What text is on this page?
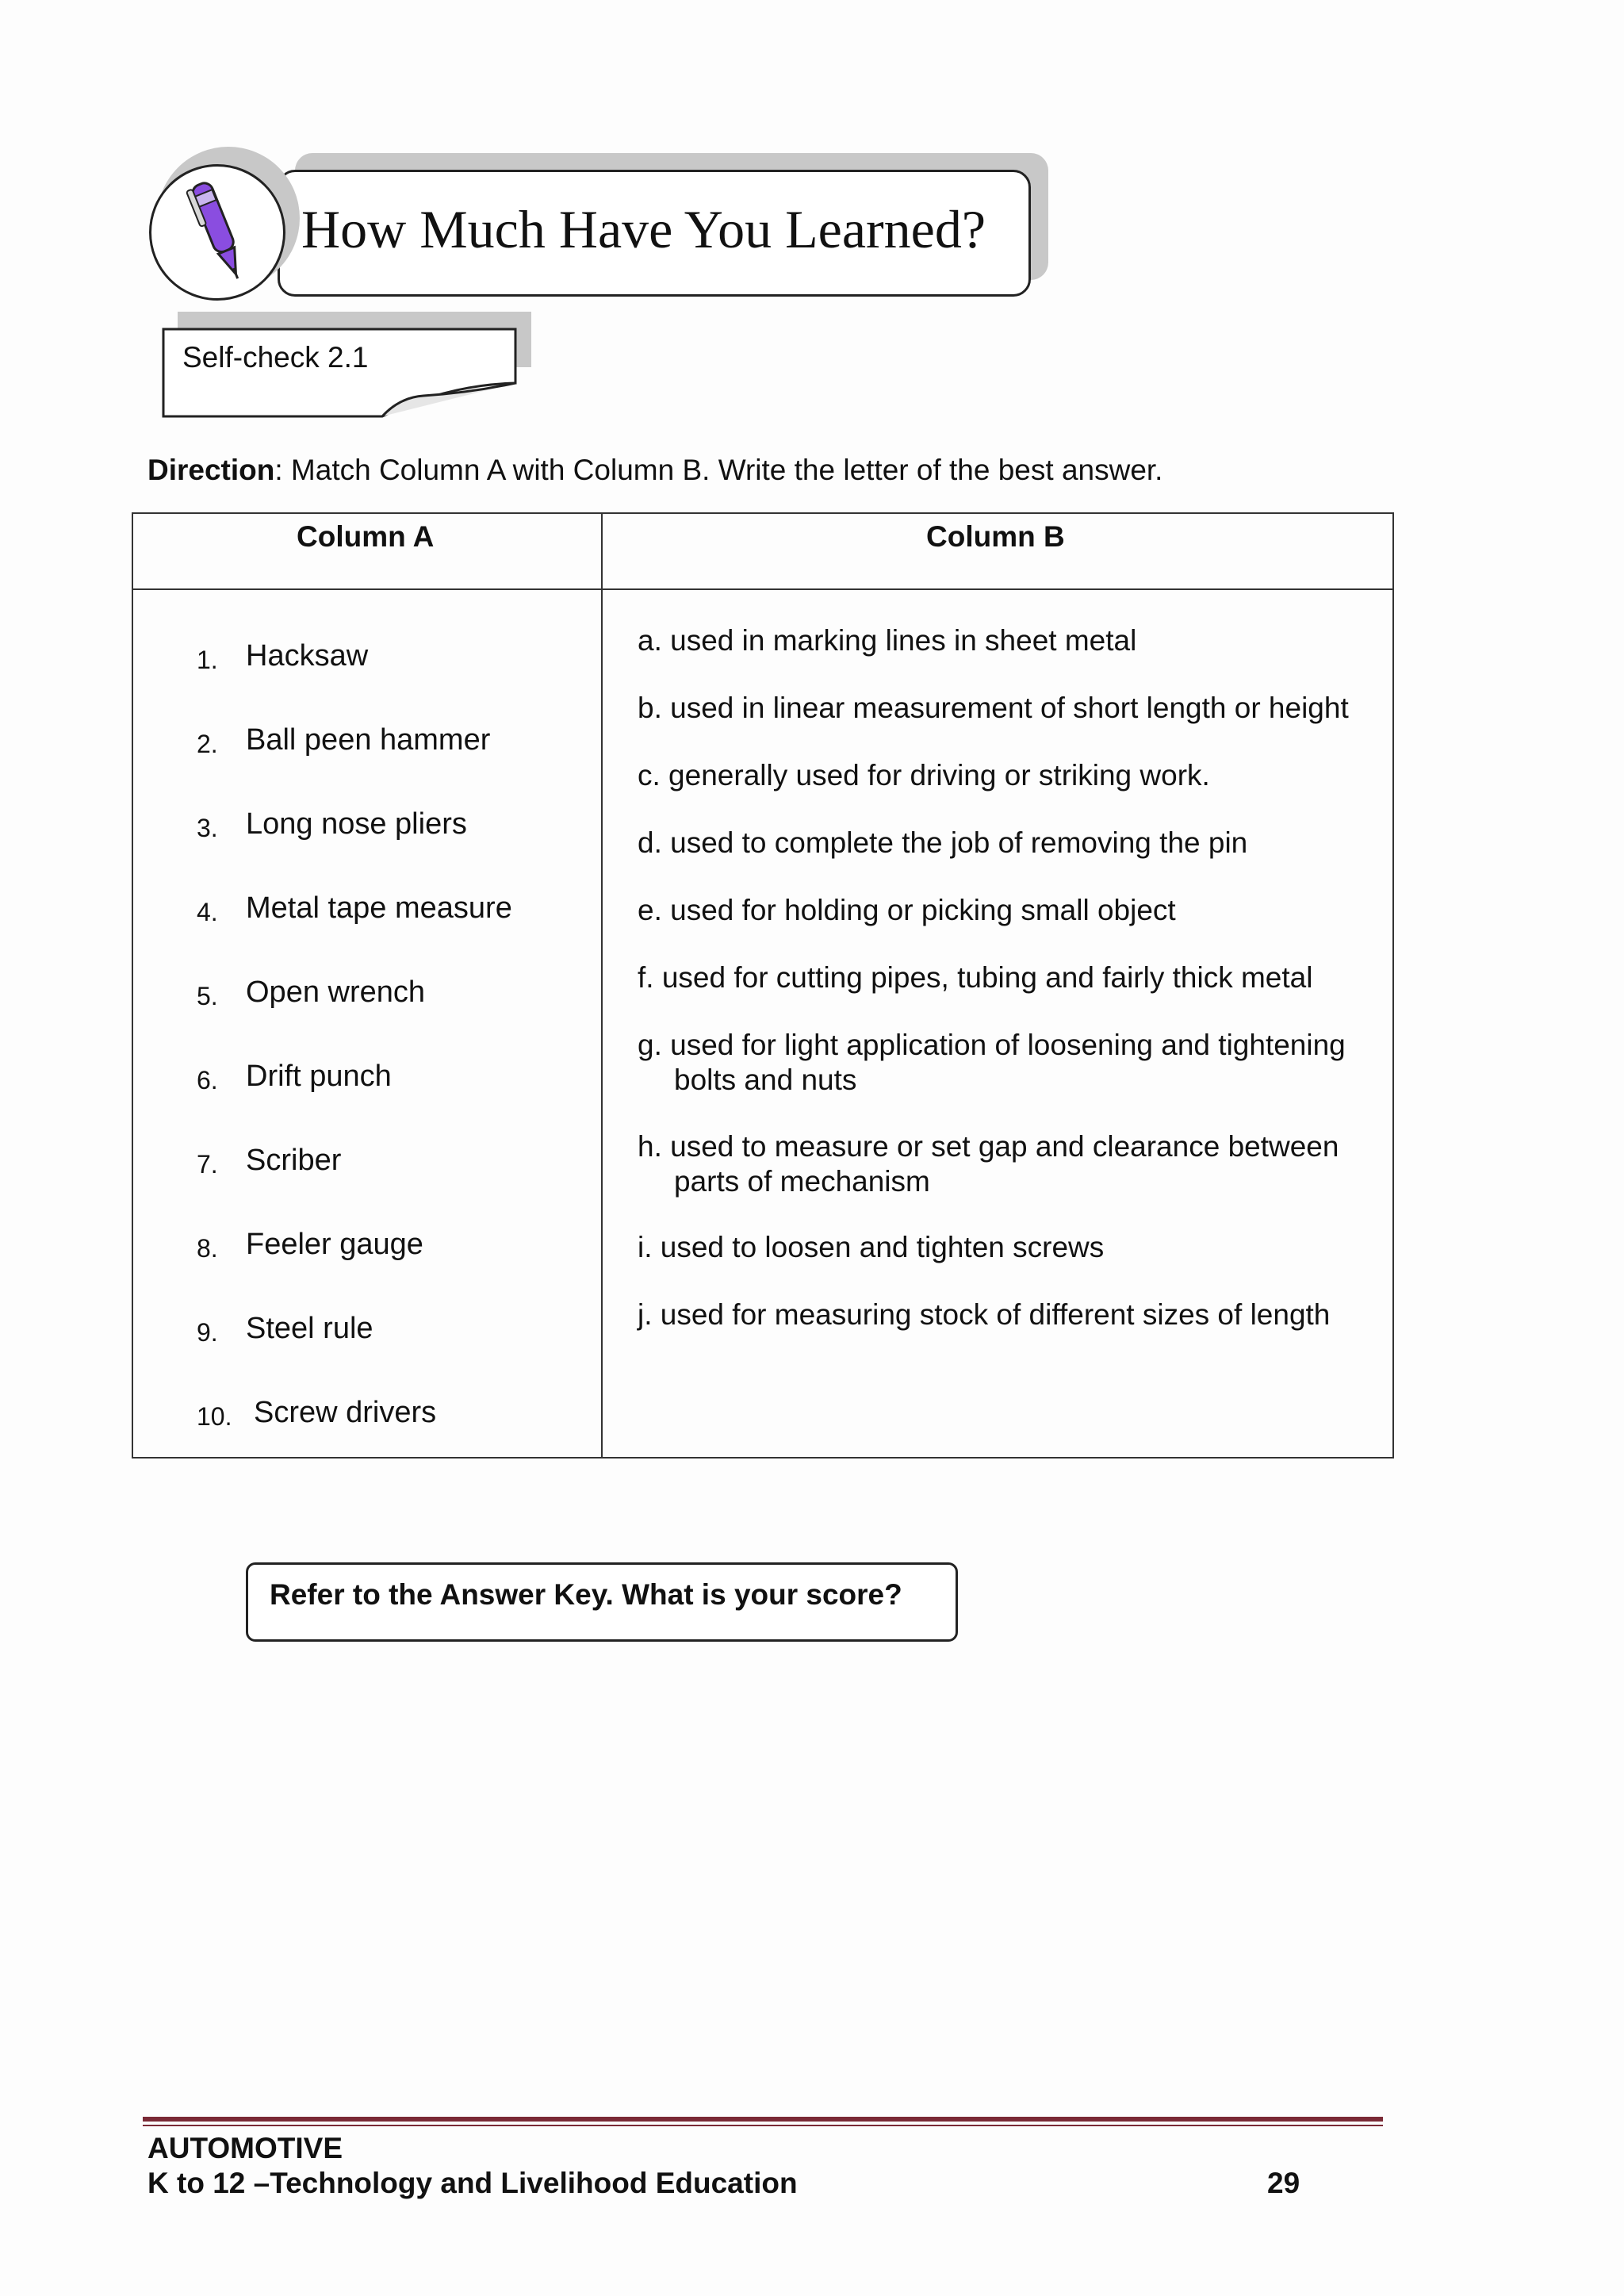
How Much Have You Learned?
Self-check 2.1
Direction: Match Column A with Column B. Write the letter of the best answer.
Column A	Column B
1. Hacksaw
2. Ball peen hammer
3. Long nose pliers
4. Metal tape measure
5. Open wrench
6. Drift punch
7. Scriber
8. Feeler gauge
9. Steel rule
10. Screw drivers
a. used in marking lines in sheet metal
b. used in linear measurement of short length or height
c. generally used for driving or striking work.
d. used to complete the job of removing the pin
e. used for holding or picking small object
f. used for cutting pipes, tubing and fairly thick metal
g. used for light application of loosening and tightening
bolts and nuts
h. used to measure or set gap and clearance between
parts of mechanism
i. used to loosen and tighten screws
j. used for measuring stock of different sizes of length
Refer to the Answer Key. What is your score?
AUTOMOTIVE
K to 12 –Technology and Livelihood Education	29
